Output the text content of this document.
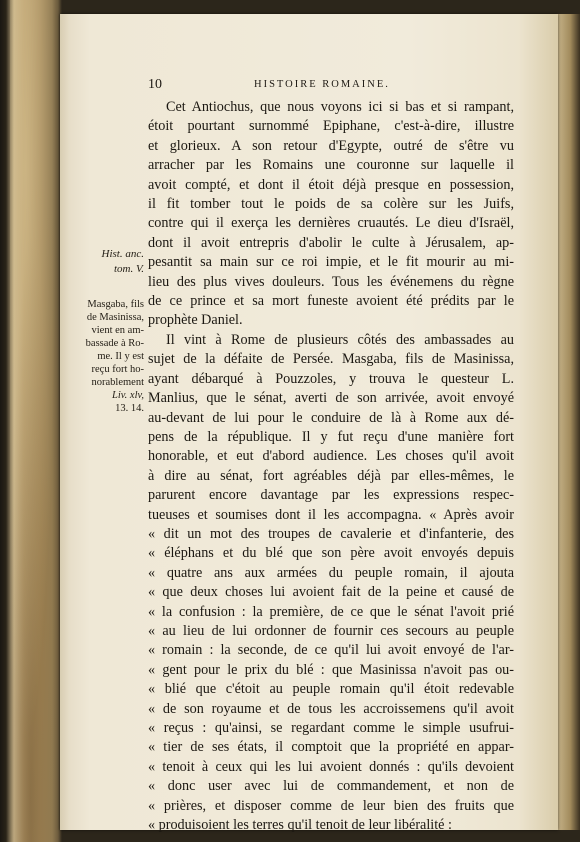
10	HISTOIRE ROMAINE.
Hist. anc.
tom. V.
Masgaba, fils
de Masinissa,
vient en am-
bassade à Ro-
me. Il y est
reçu fort ho-
norablement
Liv. xlv,
13. 14.
Cet Antiochus, que nous voyons ici si bas et si rampant,
étoit pourtant surnommé Epiphane, c'est-à-dire, illustre
et glorieux. A son retour d'Egypte, outré de s'être vu
arracher par les Romains une couronne sur laquelle il
avoit compté, et dont il étoit déjà presque en possession,
il fit tomber tout le poids de sa colère sur les Juifs,
contre qui il exerça les dernières cruautés. Le dieu d'Israël,
dont il avoit entrepris d'abolir le culte à Jérusalem, ap-
pesantit sa main sur ce roi impie, et le fit mourir au mi-
lieu des plus vives douleurs. Tous les événemens du règne
de ce prince et sa mort funeste avoient été prédits par le
prophète Daniel.
Il vint à Rome de plusieurs côtés des ambassades au
sujet de la défaite de Persée. Masgaba, fils de Masinissa,
ayant débarqué à Pouzzoles, y trouva le questeur L.
Manlius, que le sénat, averti de son arrivée, avoit envoyé
au-devant de lui pour le conduire de là à Rome aux dé-
pens de la république. Il y fut reçu d'une manière fort
honorable, et eut d'abord audience. Les choses qu'il avoit
à dire au sénat, fort agréables déjà par elles-mêmes, le
parurent encore davantage par les expressions respec-
tueuses et soumises dont il les accompagna. « Après avoir
« dit un mot des troupes de cavalerie et d'infanterie, des
« éléphans et du blé que son père avoit envoyés depuis
« quatre ans aux armées du peuple romain, il ajouta
« que deux choses lui avoient fait de la peine et causé de
« la confusion : la première, de ce que le sénat l'avoit prié
« au lieu de lui ordonner de fournir ces secours au peuple
« romain : la seconde, de ce qu'il lui avoit envoyé de l'ar-
« gent pour le prix du blé : que Masinissa n'avoit pas ou-
« blié que c'étoit au peuple romain qu'il étoit redevable
« de son royaume et de tous les accroissemens qu'il avoit
« reçus : qu'ainsi, se regardant comme le simple usufrui-
« tier de ses états, il comptoit que la propriété en appar-
« tenoit à ceux qui les lui avoient donnés : qu'ils devoient
« donc user avec lui de commandement, et non de
« prières, et disposer comme de leur bien des fruits que
« produisoient les terres qu'il tenoit de leur libéralité :
